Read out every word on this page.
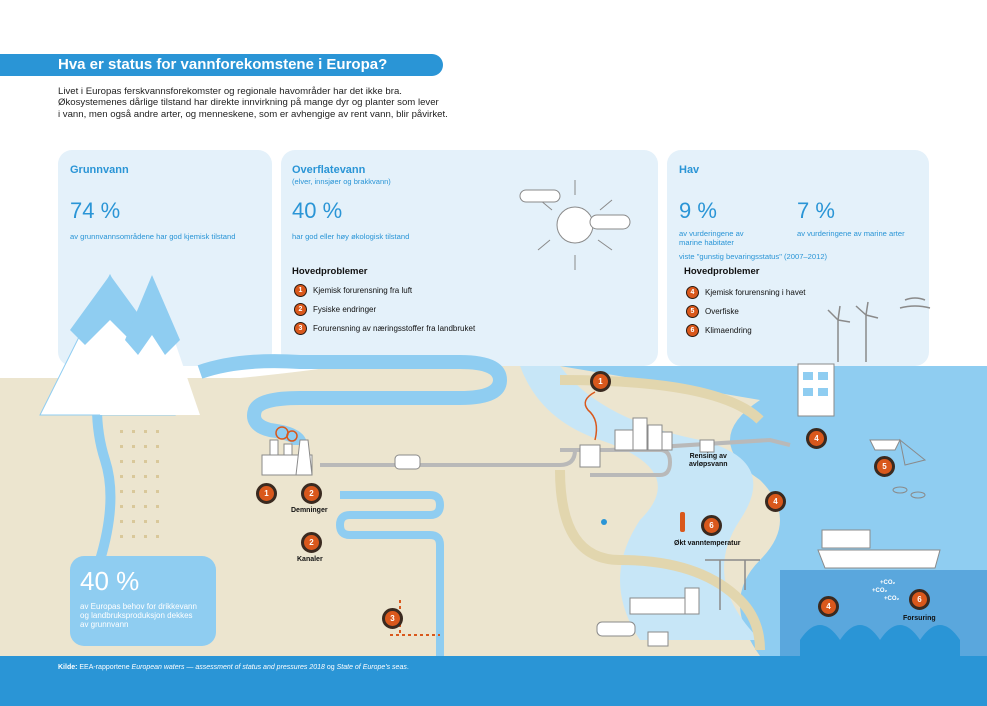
Hva er status for vannforekomstene i Europa?
Livet i Europas ferskvannsforekomster og regionale havområder har det ikke bra.
Økosystemenes dårlige tilstand har direkte innvirkning på mange dyr og planter som lever
i vann, men også andre arter, og menneskene, som er avhengige av rent vann, blir påvirket.
Grunnvann
74 %
av grunnvannsområdene har god kjemisk tilstand
Overflatevann
(elver, innsjøer og brakkvann)
40 %
har god eller høy økologisk tilstand
Hovedproblemer
1	Kjemisk forurensning fra luft
2	Fysiske endringer
3	Forurensning av næringsstoffer fra landbruket
Hav
9 %
av vurderingene av
marine habitater
7 %
av vurderingene av marine arter
viste "gunstig bevaringsstatus" (2007–2012)
Hovedproblemer
4	Kjemisk forurensning i havet
5	Overfiske
6	Klimaendring
40 %
av Europas behov for drikkevann
og landbruksproduksjon dekkes
av grunnvann
Demninger
Kanaler
Rensing av
avløpsvann
Økt vanntemperatur
Forsuring
+CO₂
+CO₂
+CO₂
1	2
2
3
1
4
4
6
5
4
6
Kilde: EEA-rapportene European waters — assessment of status and pressures 2018 og State of Europe's seas.
